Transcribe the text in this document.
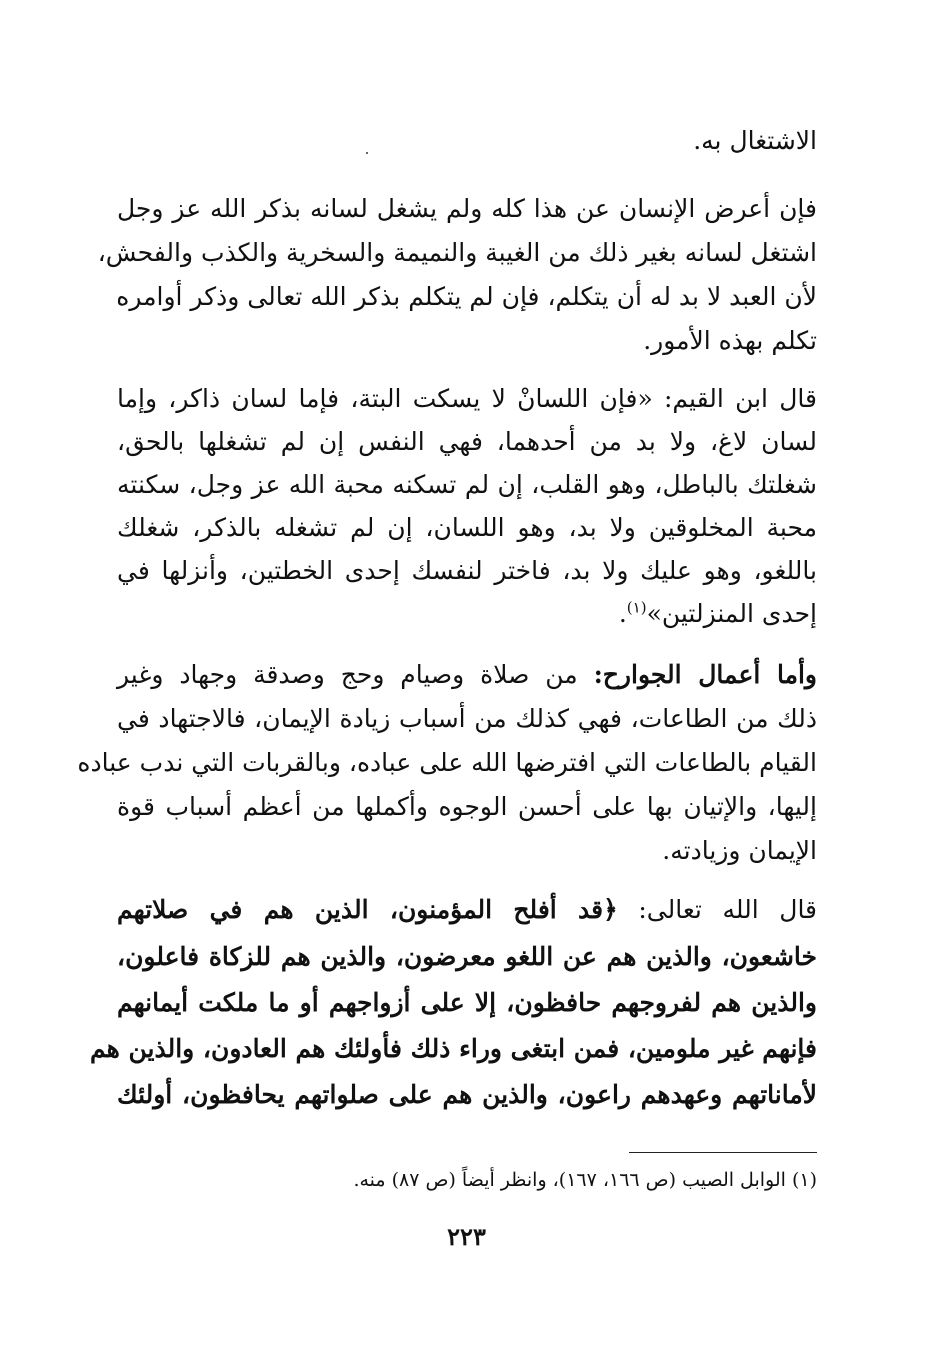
الاشتغال به.
فإن أعرض الإنسان عن هذا كله ولم يشغل لسانه بذكر الله عز وجل
اشتغل لسانه بغير ذلك من الغيبة والنميمة والسخرية والكذب والفحش،
لأن العبد لا بد له أن يتكلم، فإن لم يتكلم بذكر الله تعالى وذكر أوامره
تكلم بهذه الأمور.
قال ابن القيم: «فإن اللسانْ لا يسكت البتة، فإما لسان ذاكر، وإما
لسان لاغ، ولا بد من أحدهما، فهي النفس إن لم تشغلها بالحق،
شغلتك بالباطل، وهو القلب، إن لم تسكنه محبة الله عز وجل، سكنته
محبة المخلوقين ولا بد، وهو اللسان، إن لم تشغله بالذكر، شغلك
باللغو، وهو عليك ولا بد، فاختر لنفسك إحدى الخطتين، وأنزلها في
إحدى المنزلتين»$^{(١)}$.
وأما أعمال الجوارح: من صلاة وصيام وحج وصدقة وجهاد وغير
ذلك من الطاعات، فهي كذلك من أسباب زيادة الإيمان، فالاجتهاد في
القيام بالطاعات التي افترضها الله على عباده، وبالقربات التي ندب عباده
إليها، والإتيان بها على أحسن الوجوه وأكملها من أعظم أسباب قوة
الإيمان وزيادته.
قال الله تعالى: ﴿قد أفلح المؤمنون، الذين هم في صلاتهم
خاشعون، والذين هم عن اللغو معرضون، والذين هم للزكاة فاعلون،
والذين هم لفروجهم حافظون، إلا على أزواجهم أو ما ملكت أيمانهم
فإنهم غير ملومين، فمن ابتغى وراء ذلك فأولئك هم العادون، والذين هم
لأماناتهم وعهدهم راعون، والذين هم على صلواتهم يحافظون، أولئك
(١) الوابل الصيب (ص ١٦٦، ١٦٧)، وانظر أيضاً (ص ٨٧) منه.
٢٢٣
